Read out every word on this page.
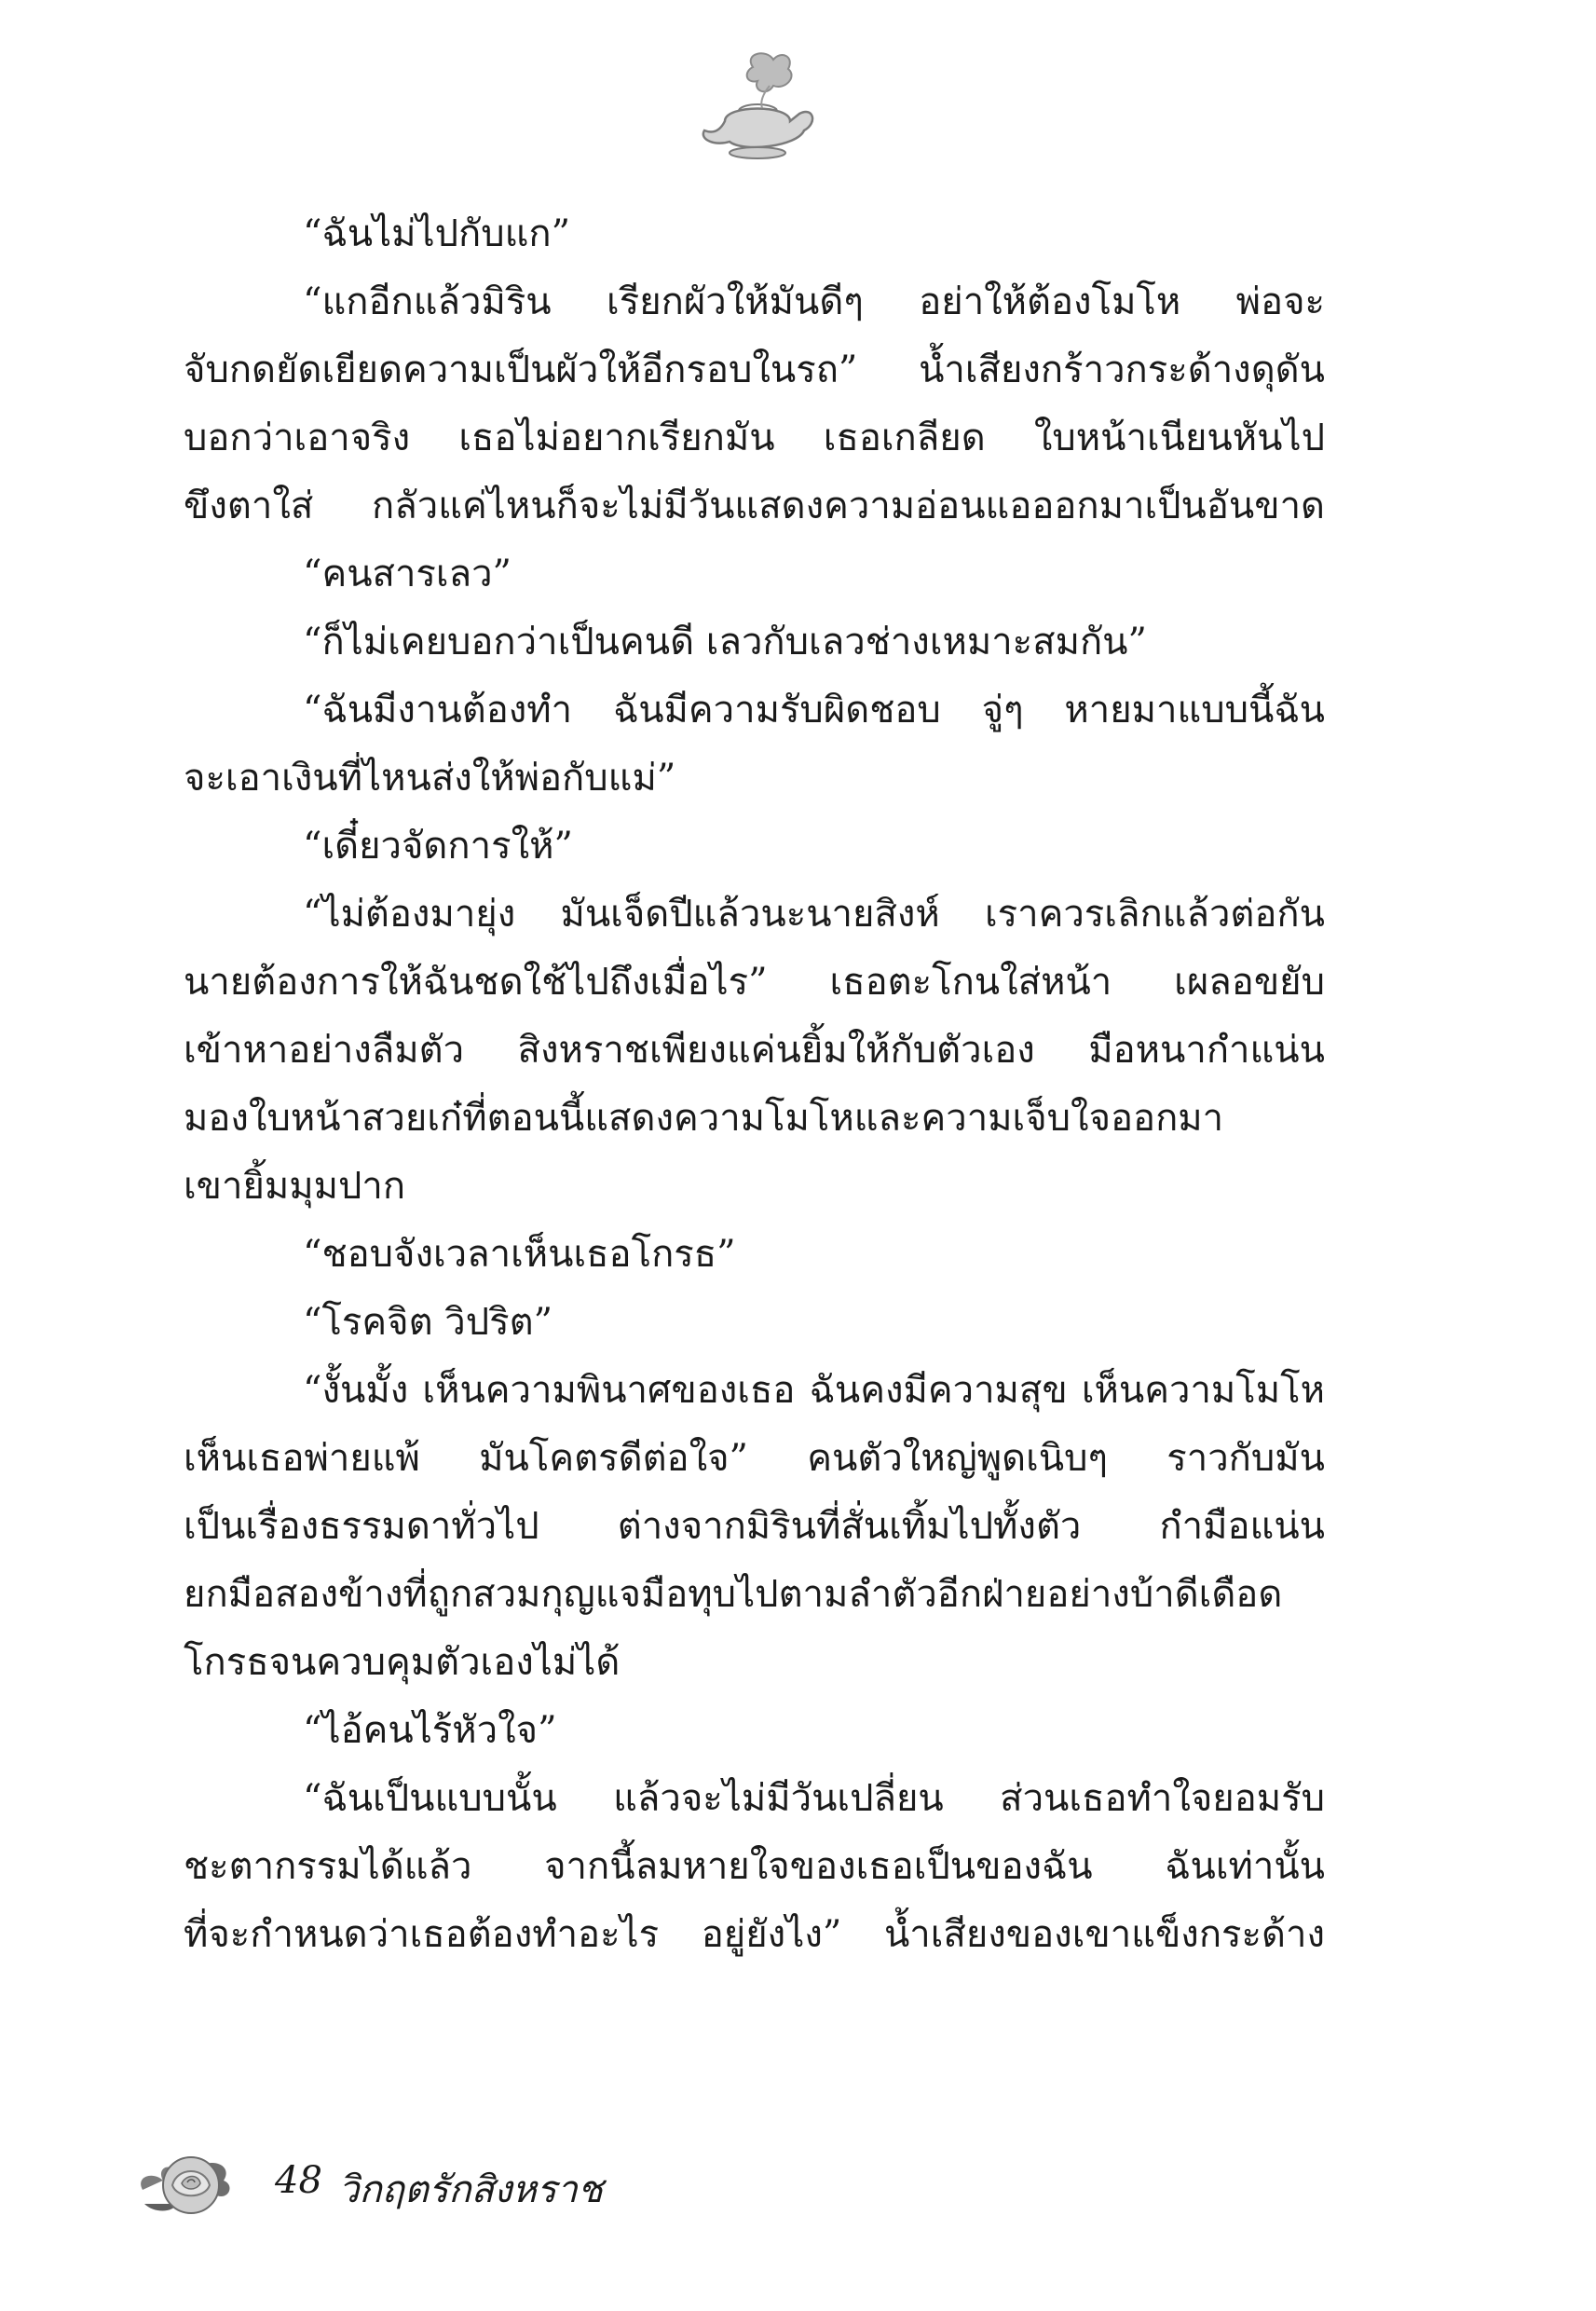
“ฉันไม่ไปกับแก”
“แกอีกแล้วมิริน เรียกผัวให้มันดีๆ อย่าให้ต้องโมโห พ่อจะ
จับกดยัดเยียดความเป็นผัวให้อีกรอบในรถ” น้ำเสียงกร้าวกระด้างดุดัน
บอกว่าเอาจริง เธอไม่อยากเรียกมัน เธอเกลียด ใบหน้าเนียนหันไป
ขึงตาใส่ กลัวแค่ไหนก็จะไม่มีวันแสดงความอ่อนแอออกมาเป็นอันขาด
“คนสารเลว”
“ก็ไม่เคยบอกว่าเป็นคนดี เลวกับเลวช่างเหมาะสมกัน”
“ฉันมีงานต้องทำ ฉันมีความรับผิดชอบ จู่ๆ หายมาแบบนี้ฉัน
จะเอาเงินที่ไหนส่งให้พ่อกับแม่”
“เดี๋ยวจัดการให้”
“ไม่ต้องมายุ่ง มันเจ็ดปีแล้วนะนายสิงห์ เราควรเลิกแล้วต่อกัน
นายต้องการให้ฉันชดใช้ไปถึงเมื่อไร” เธอตะโกนใส่หน้า เผลอขยับ
เข้าหาอย่างลืมตัว สิงหราชเพียงแค่นยิ้มให้กับตัวเอง มือหนากำแน่น
มองใบหน้าสวยเก๋ที่ตอนนี้แสดงความโมโหและความเจ็บใจออกมา
เขายิ้มมุมปาก
“ชอบจังเวลาเห็นเธอโกรธ”
“โรคจิต วิปริต”
“งั้นมั้ง เห็นความพินาศของเธอ ฉันคงมีความสุข เห็นความโมโห
เห็นเธอพ่ายแพ้ มันโคตรดีต่อใจ” คนตัวใหญ่พูดเนิบๆ ราวกับมัน
เป็นเรื่องธรรมดาทั่วไป ต่างจากมิรินที่สั่นเทิ้มไปทั้งตัว กำมือแน่น
ยกมือสองข้างที่ถูกสวมกุญแจมือทุบไปตามลำตัวอีกฝ่ายอย่างบ้าดีเดือด
โกรธจนควบคุมตัวเองไม่ได้
“ไอ้คนไร้หัวใจ”
“ฉันเป็นแบบนั้น แล้วจะไม่มีวันเปลี่ยน ส่วนเธอทำใจยอมรับ
ชะตากรรมได้แล้ว จากนี้ลมหายใจของเธอเป็นของฉัน ฉันเท่านั้น
ที่จะกำหนดว่าเธอต้องทำอะไร อยู่ยังไง” น้ำเสียงของเขาแข็งกระด้าง
48 วิกฤตรักสิงหราช
